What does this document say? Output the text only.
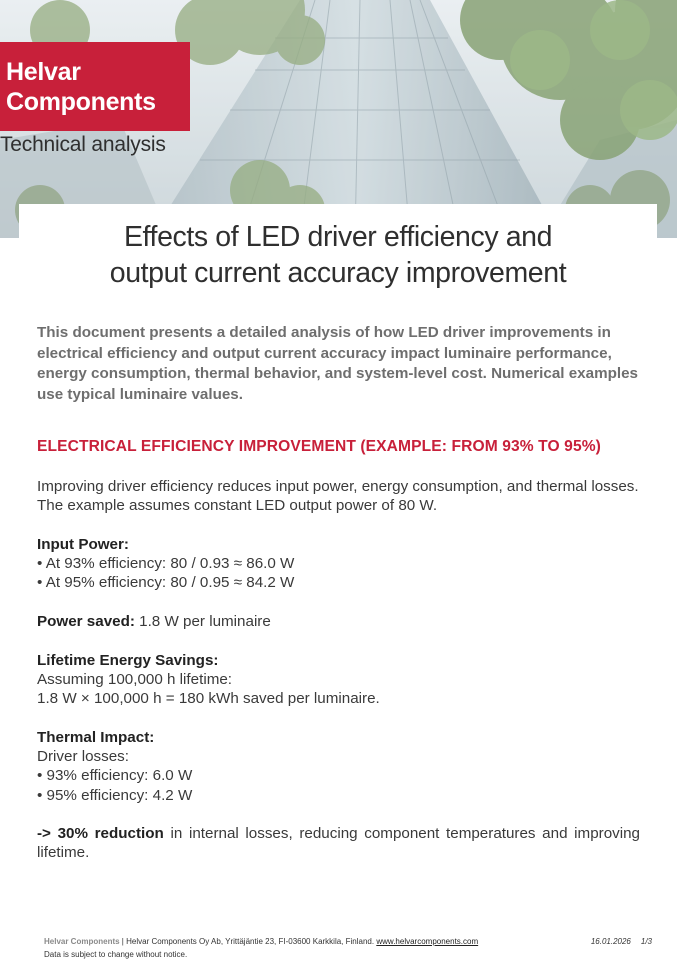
Helvar
Components
Technical analysis
Effects of LED driver efficiency and
output current accuracy improvement
This document presents a detailed analysis of how LED driver improvements in electrical efficiency and output current accuracy impact luminaire performance, energy consumption, thermal behavior, and system-level cost. Numerical examples use typical luminaire values.
ELECTRICAL EFFICIENCY IMPROVEMENT (EXAMPLE: FROM 93% TO 95%)
Improving driver efficiency reduces input power, energy consumption, and thermal losses. The example assumes constant LED output power of 80 W.
Input Power:
• At 93% efficiency: 80 / 0.93 ≈ 86.0 W
• At 95% efficiency: 80 / 0.95 ≈ 84.2 W
Power saved: 1.8 W per luminaire
Lifetime Energy Savings:
Assuming 100,000 h lifetime:
1.8 W × 100,000 h = 180 kWh saved per luminaire.
Thermal Impact:
Driver losses:
• 93% efficiency: 6.0 W
• 95% efficiency: 4.2 W
-> 30% reduction in internal losses, reducing component temperatures and improving lifetime.
Helvar Components | Helvar Components Oy Ab, Yrittäjäntie 23, FI-03600 Karkkila, Finland. www.helvarcomponents.com
Data is subject to change without notice.
16.01.2026 1/3
